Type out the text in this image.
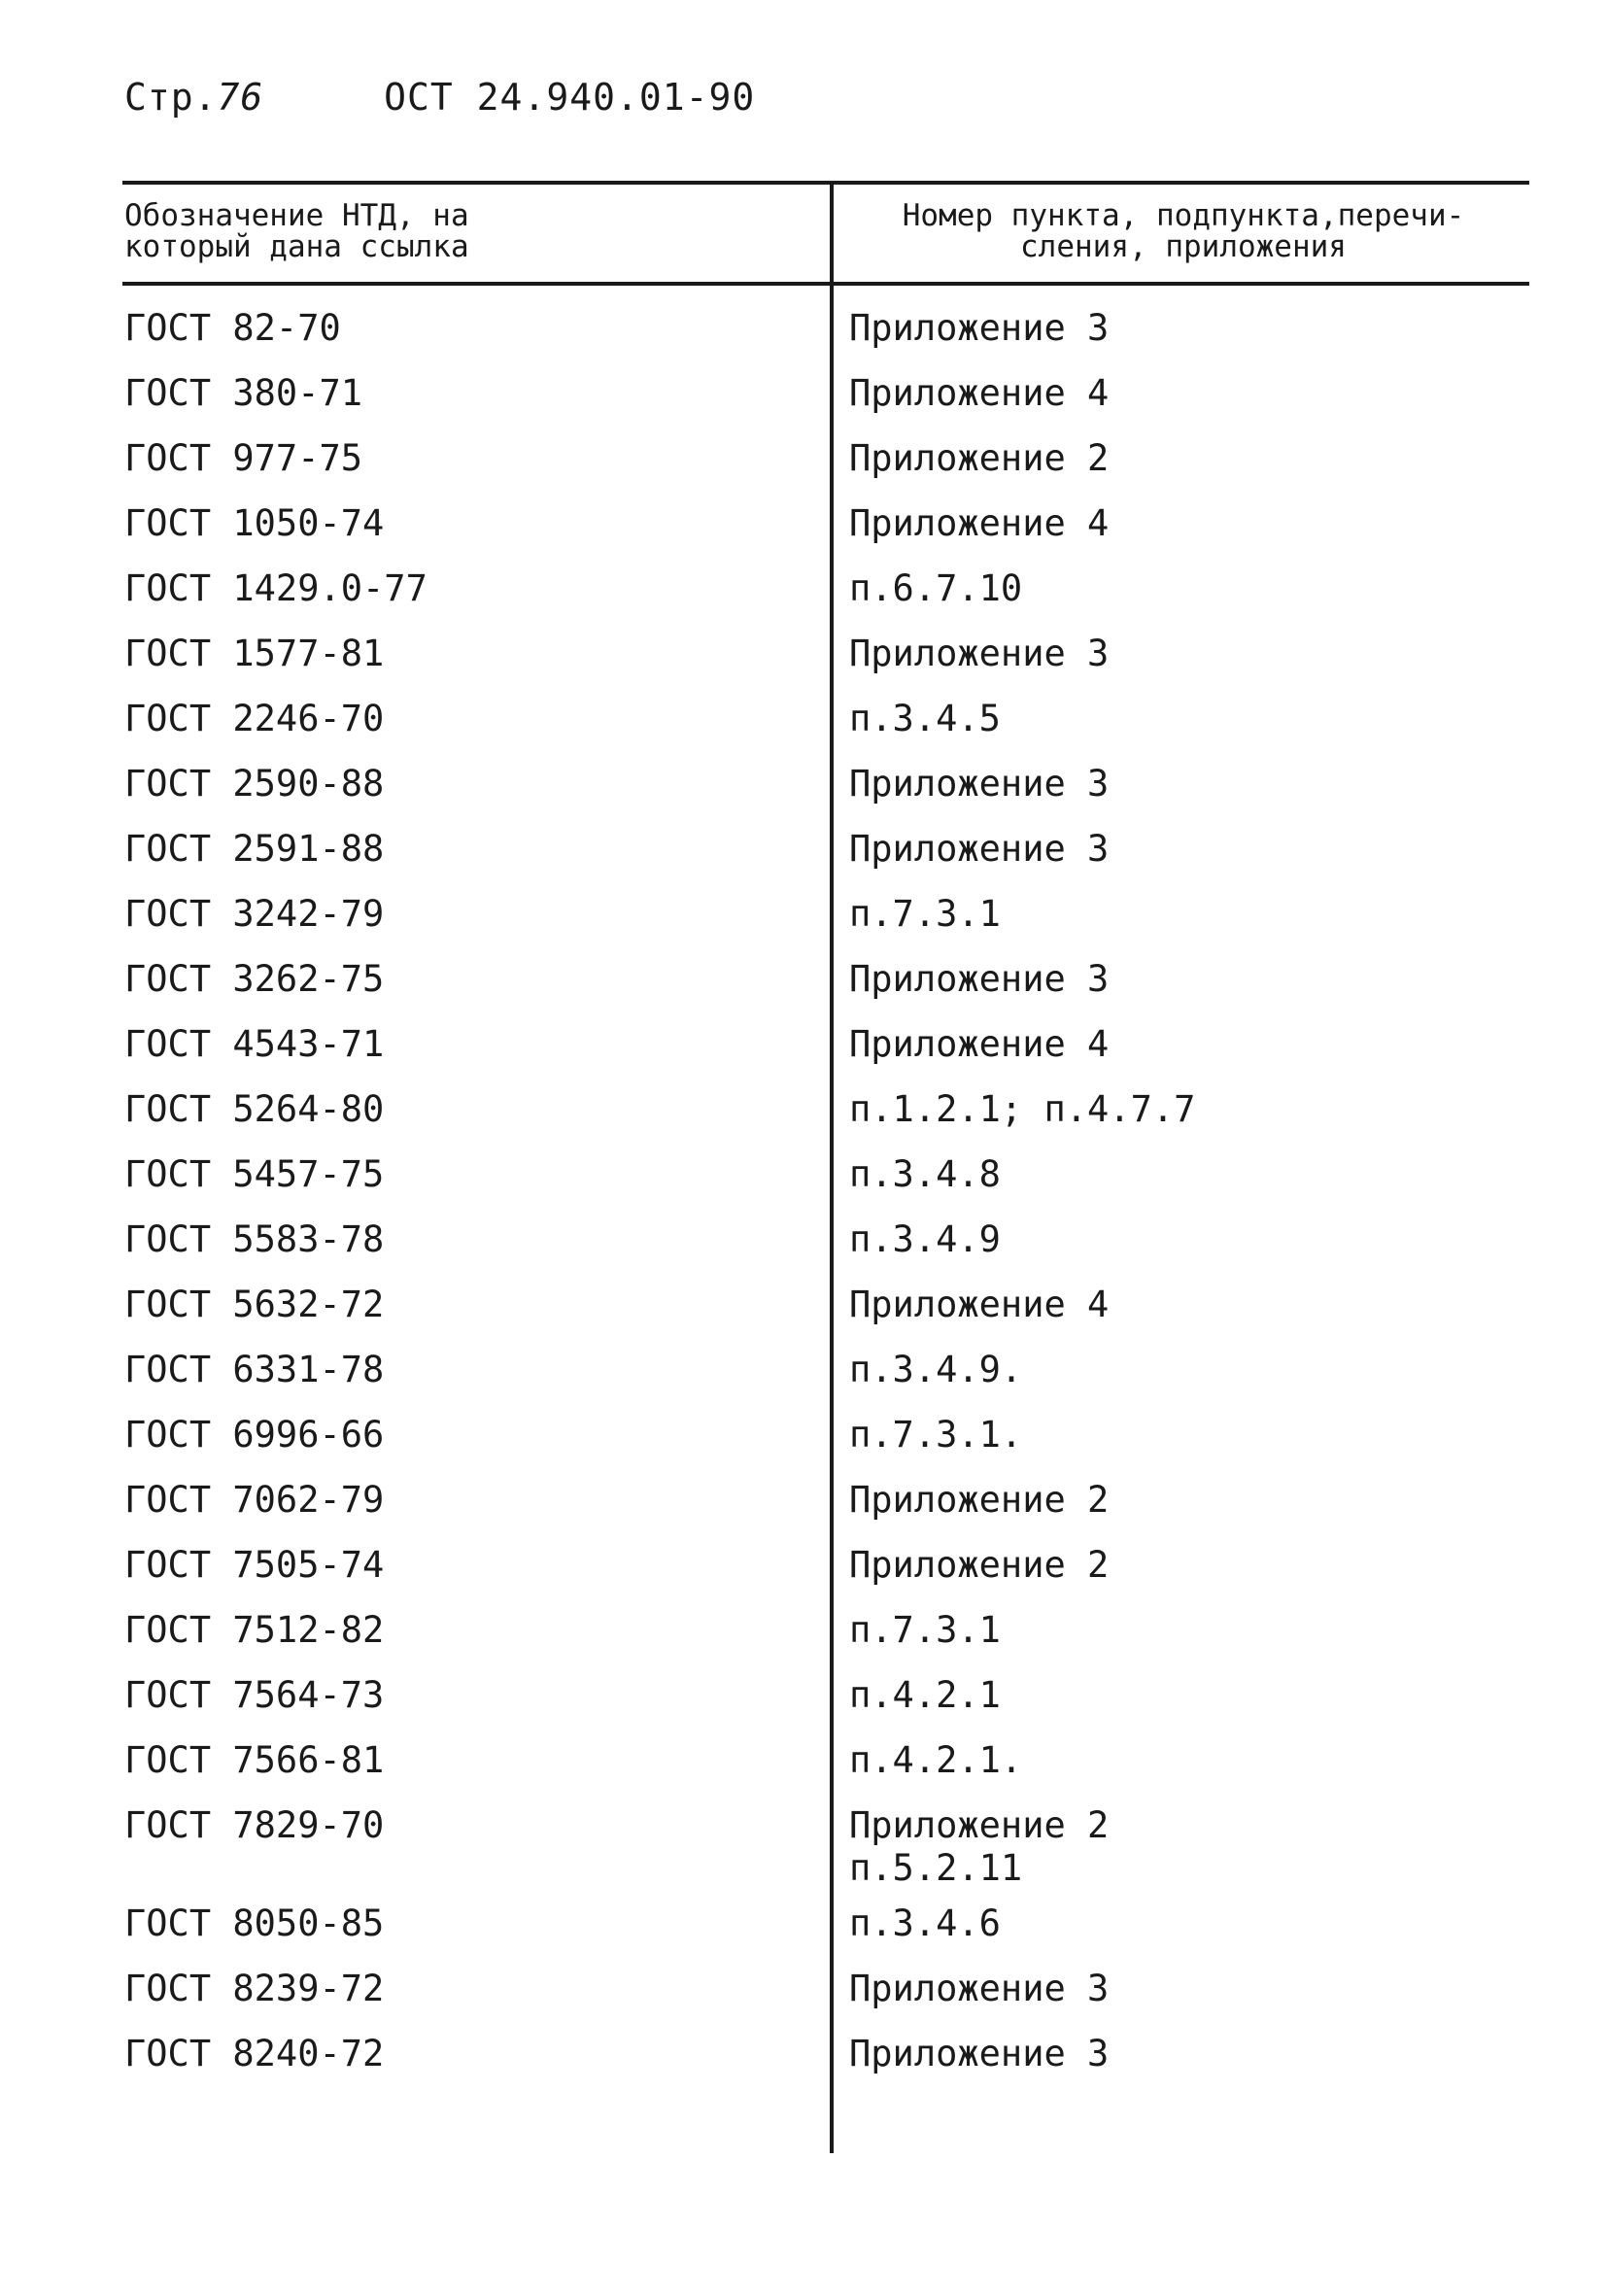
Стр.76	ОСТ 24.940.01-90
Обозначение НТД, на
который дана ссылка
Номер пункта, подпункта,перечи-
сления, приложения
ГОСТ 82-70	Приложение 3
ГОСТ 380-71	Приложение 4
ГОСТ 977-75	Приложение 2
ГОСТ 1050-74	Приложение 4
ГОСТ 1429.0-77	п.6.7.10
ГОСТ 1577-81	Приложение 3
ГОСТ 2246-70	п.3.4.5
ГОСТ 2590-88	Приложение 3
ГОСТ 2591-88	Приложение 3
ГОСТ 3242-79	п.7.3.1
ГОСТ 3262-75	Приложение 3
ГОСТ 4543-71	Приложение 4
ГОСТ 5264-80	п.1.2.1; п.4.7.7
ГОСТ 5457-75	п.3.4.8
ГОСТ 5583-78	п.3.4.9
ГОСТ 5632-72	Приложение 4
ГОСТ 6331-78	п.3.4.9.
ГОСТ 6996-66	п.7.3.1.
ГОСТ 7062-79	Приложение 2
ГОСТ 7505-74	Приложение 2
ГОСТ 7512-82	п.7.3.1
ГОСТ 7564-73	п.4.2.1
ГОСТ 7566-81	п.4.2.1.
ГОСТ 7829-70	Приложение 2
п.5.2.11
ГОСТ 8050-85	п.3.4.6
ГОСТ 8239-72	Приложение 3
ГОСТ 8240-72	Приложение 3
